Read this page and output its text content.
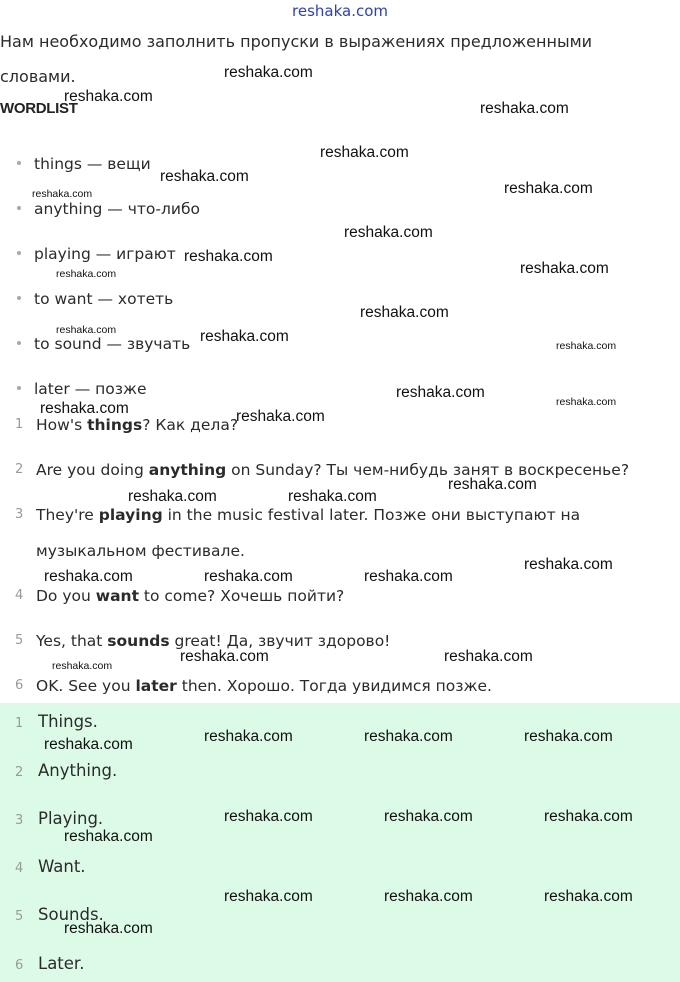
reshaka.com
Нам необходимо заполнить пропуски в выражениях предложенными словами.
WORDLIST
things — вещи
anything — что-либо
playing — играют
to want — хотеть
to sound — звучать
later — позже
1 How's things? Как дела?
2 Are you doing anything on Sunday? Ты чем-нибудь занят в воскресенье?
3 They're playing in the music festival later. Позже они выступают на музыкальном фестивале.
4 Do you want to come? Хочешь пойти?
5 Yes, that sounds great! Да, звучит здорово!
6 OK. See you later then. Хорошо. Тогда увидимся позже.
1 Things.
2 Anything.
3 Playing.
4 Want.
5 Sounds.
6 Later.
reshaka.com
reshaka.com
reshaka.com
reshaka.com
reshaka.com
reshaka.com	reshaka.com
reshaka.com
reshaka.com
reshaka.com	reshaka.com
reshaka.com
reshaka.com	reshaka.com
reshaka.com
reshaka.com
reshaka.com
reshaka.com	reshaka.com
reshaka.com
reshaka.com	reshaka.com
reshaka.com
reshaka.com	reshaka.com	reshaka.com
reshaka.com	reshaka.com
reshaka.com
reshaka.com	reshaka.com	reshaka.com
reshaka.com
reshaka.com	reshaka.com	reshaka.com
reshaka.com
reshaka.com	reshaka.com	reshaka.com
reshaka.com
